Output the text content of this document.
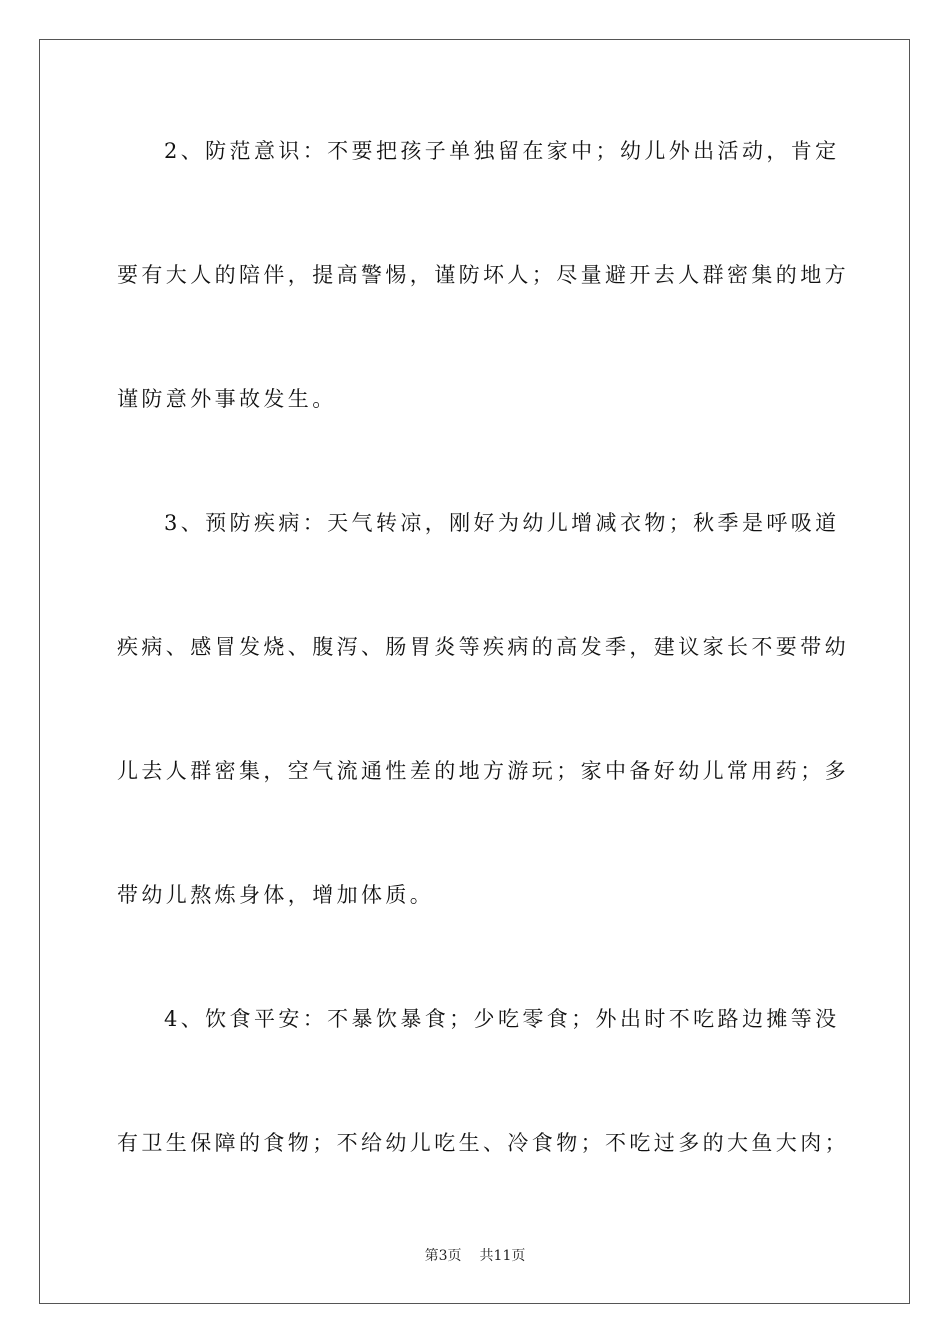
2、防范意识：不要把孩子单独留在家中；幼儿外出活动，肯定
要有大人的陪伴，提高警惕，谨防坏人；尽量避开去人群密集的地方
谨防意外事故发生。
3、预防疾病：天气转凉，刚好为幼儿增减衣物；秋季是呼吸道
疾病、感冒发烧、腹泻、肠胃炎等疾病的高发季，建议家长不要带幼
儿去人群密集，空气流通性差的地方游玩；家中备好幼儿常用药；多
带幼儿熬炼身体，增加体质。
4、饮食平安：不暴饮暴食；少吃零食；外出时不吃路边摊等没
有卫生保障的食物；不给幼儿吃生、冷食物；不吃过多的大鱼大肉；
第3页 共11页
